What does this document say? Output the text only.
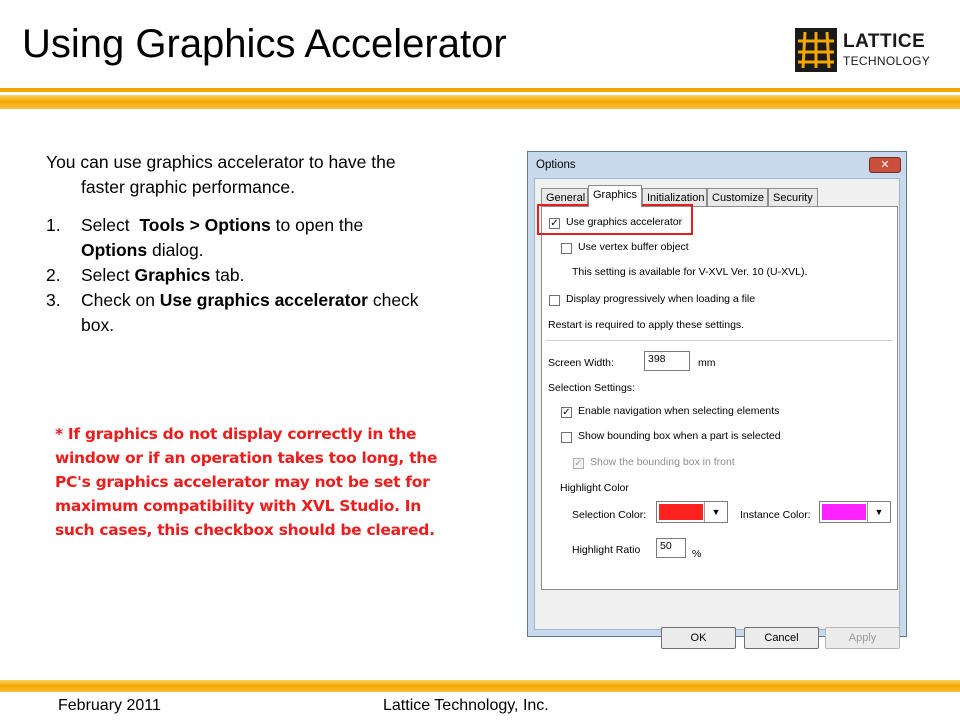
Using Graphics Accelerator	LATTICE
TECHNOLOGY
You can use graphics accelerator to have the
faster graphic performance.
1. Select  Tools > Options to open the
Options dialog.
2. Select Graphics tab.
3. Check on Use graphics accelerator check
box.
* If graphics do not display correctly in the
window or if an operation takes too long, the
PC's graphics accelerator may not be set for
maximum compatibility with XVL Studio. In
such cases, this checkbox should be cleared.
Options	✕
General Graphics Initialization Customize Security
✓ Use graphics accelerator
Use vertex buffer object
This setting is available for V-XVL Ver. 10 (U-XVL).
Display progressively when loading a file
Restart is required to apply these settings.
Screen Width:	398	mm
Selection Settings:
✓ Enable navigation when selecting elements
Show bounding box when a part is selected
✓ Show the bounding box in front
Highlight Color
Selection Color:	▼	Instance Color:	▼
Highlight Ratio	50
%
OK	Cancel	Apply
February 2011	Lattice Technology, Inc.
